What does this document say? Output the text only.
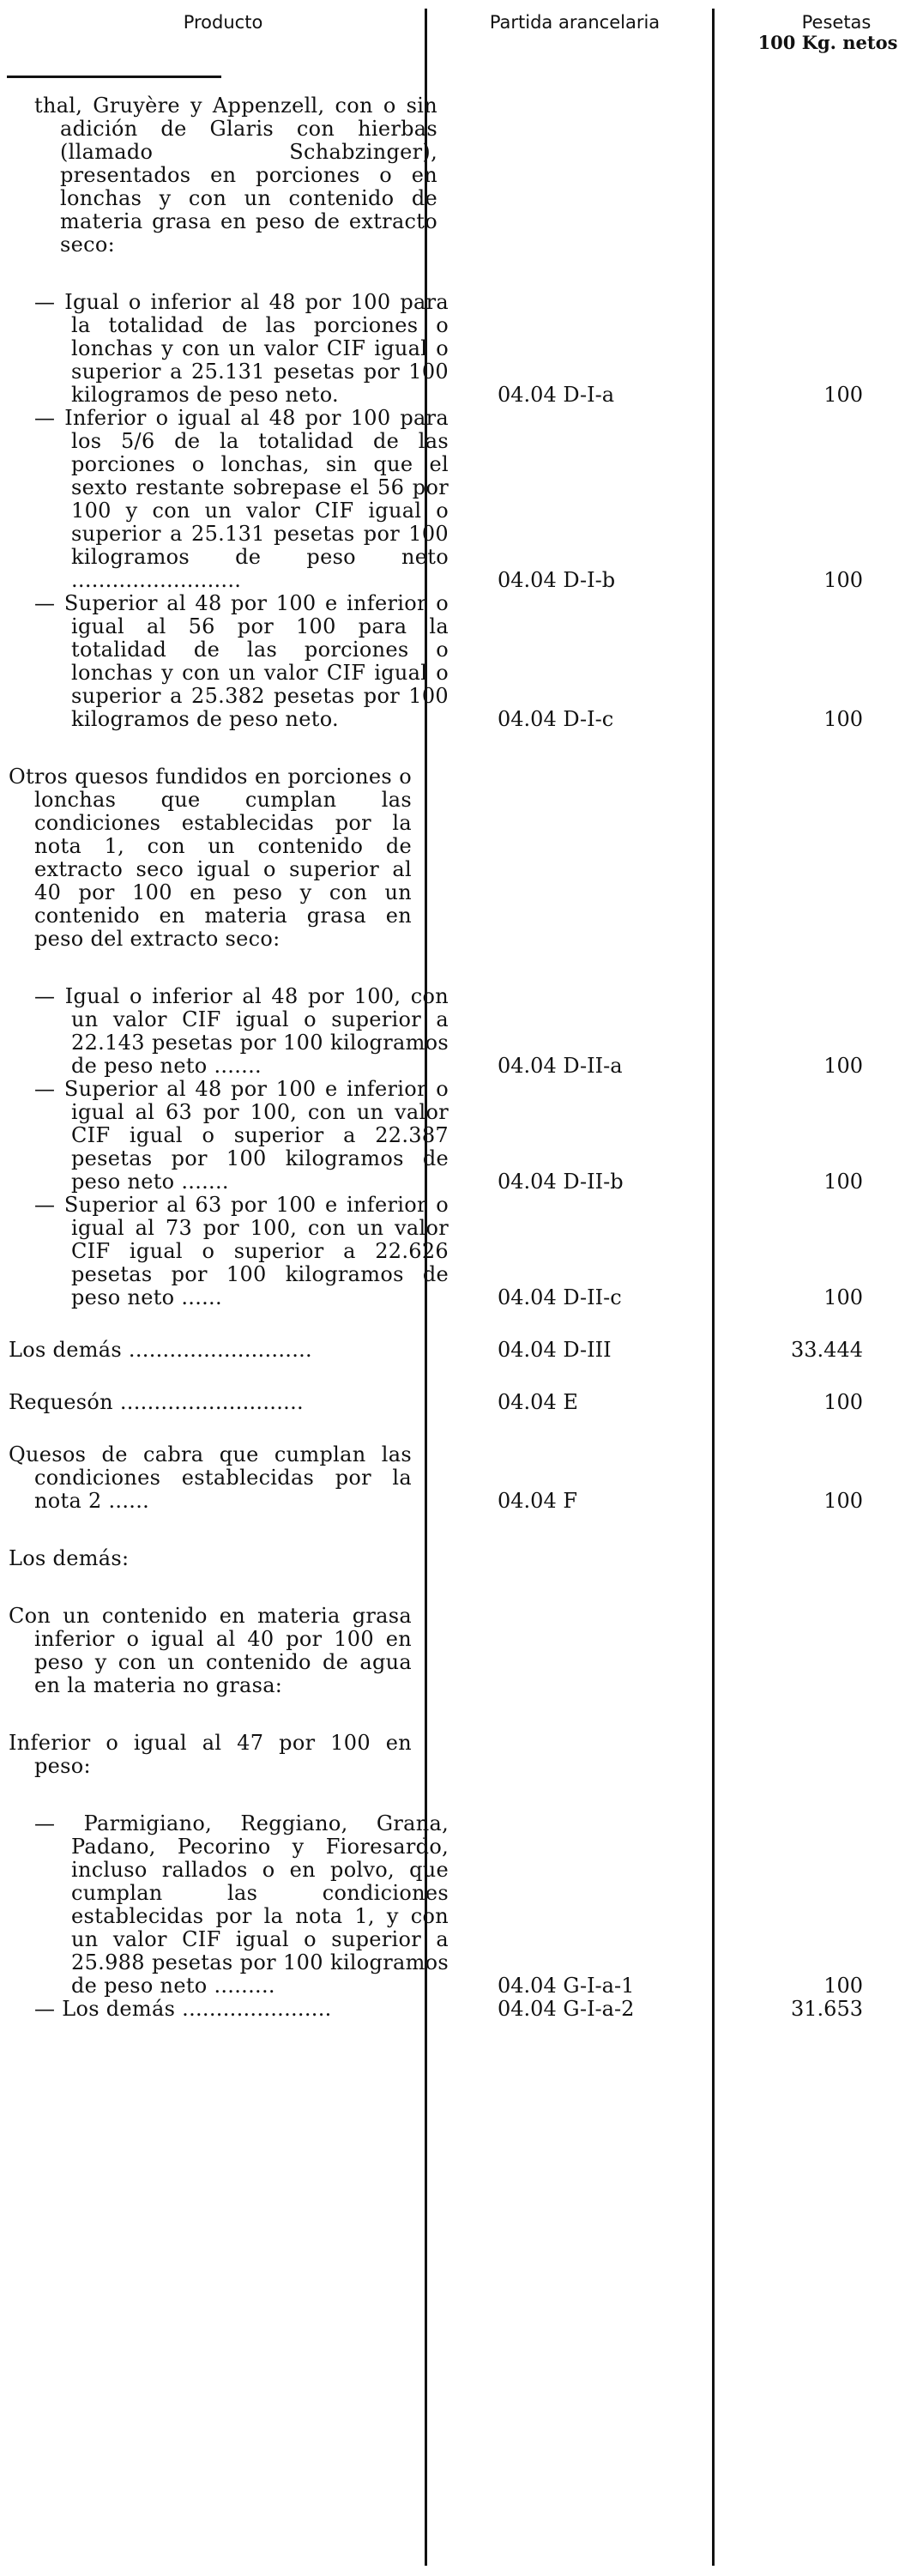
Producto	Partida arancelaria	Pesetas
100 Kg. netos
thal, Gruyère y Appenzell, con o sin adición de Glaris con hierbas (llamado Schabzinger), presentados en porciones o en lonchas y con un contenido de materia grasa en peso de extracto seco:
— Igual o inferior al 48 por 100 para la totalidad de las porciones o lonchas y con un valor CIF igual o superior a 25.131 pesetas por 100 kilogramos de peso neto.	04.04 D-I-a	100
— Inferior o igual al 48 por 100 para los 5/6 de la totalidad de las porciones o lonchas, sin que el sexto restante sobrepase el 56 por 100 y con un valor CIF igual o superior a 25.131 pesetas por 100 kilogramos de peso neto .........................	04.04 D-I-b	100
— Superior al 48 por 100 e inferior o igual al 56 por 100 para la totalidad de las porciones o lonchas y con un valor CIF igual o superior a 25.382 pesetas por 100 kilogramos de peso neto.	04.04 D-I-c	100
Otros quesos fundidos en porciones o lonchas que cumplan las condiciones establecidas por la nota 1, con un contenido de extracto seco igual o superior al 40 por 100 en peso y con un contenido en materia grasa en peso del extracto seco:
— Igual o inferior al 48 por 100, con un valor CIF igual o superior a 22.143 pesetas por 100 kilogramos de peso neto .......	04.04 D-II-a	100
— Superior al 48 por 100 e inferior o igual al 63 por 100, con un valor CIF igual o superior a 22.387 pesetas por 100 kilogramos de peso neto .......	04.04 D-II-b	100
— Superior al 63 por 100 e inferior o igual al 73 por 100, con un valor CIF igual o superior a 22.626 pesetas por 100 kilogramos de peso neto ......	04.04 D-II-c	100
Los demás ...........................	04.04 D-III	33.444
Requesón ...........................	04.04 E	100
Quesos de cabra que cumplan las condiciones establecidas por la nota 2 ......	04.04 F	100
Los demás:
Con un contenido en materia grasa inferior o igual al 40 por 100 en peso y con un contenido de agua en la materia no grasa:
Inferior o igual al 47 por 100 en peso:
— Parmigiano, Reggiano, Grana, Padano, Pecorino y Fioresardo, incluso rallados o en polvo, que cumplan las condiciones establecidas por la nota 1, y con un valor CIF igual o superior a 25.988 pesetas por 100 kilogramos de peso neto .........	04.04 G-I-a-1	100
— Los demás ......................	04.04 G-I-a-2	31.653
